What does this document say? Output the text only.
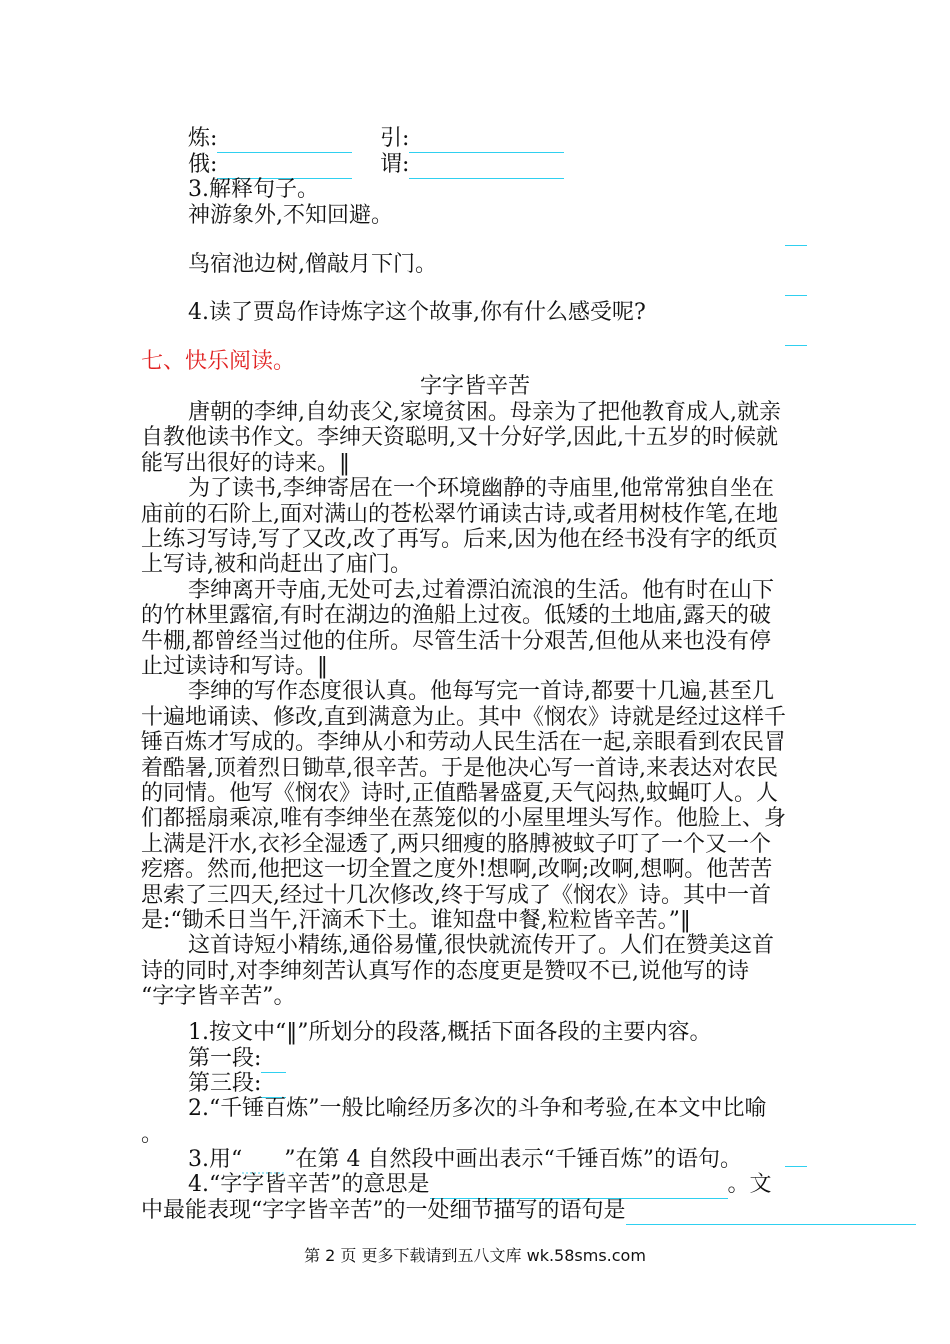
炼:	引:
俄:	谓:
3.解释句子。
神游象外,不知回避。
鸟宿池边树,僧敲月下门。
4.读了贾岛作诗炼字这个故事,你有什么感受呢?
七、快乐阅读。
字字皆辛苦
唐朝的李绅,自幼丧父,家境贫困。母亲为了把他教育成人,就亲
自教他读书作文。李绅天资聪明,又十分好学,因此,十五岁的时候就
能写出很好的诗来。‖
为了读书,李绅寄居在一个环境幽静的寺庙里,他常常独自坐在
庙前的石阶上,面对满山的苍松翠竹诵读古诗,或者用树枝作笔,在地
上练习写诗,写了又改,改了再写。后来,因为他在经书没有字的纸页
上写诗,被和尚赶出了庙门。
李绅离开寺庙,无处可去,过着漂泊流浪的生活。他有时在山下
的竹林里露宿,有时在湖边的渔船上过夜。低矮的土地庙,露天的破
牛棚,都曾经当过他的住所。尽管生活十分艰苦,但他从来也没有停
止过读诗和写诗。‖
李绅的写作态度很认真。他每写完一首诗,都要十几遍,甚至几
十遍地诵读、修改,直到满意为止。其中《悯农》诗就是经过这样千
锤百炼才写成的。李绅从小和劳动人民生活在一起,亲眼看到农民冒
着酷暑,顶着烈日锄草,很辛苦。于是他决心写一首诗,来表达对农民
的同情。他写《悯农》诗时,正值酷暑盛夏,天气闷热,蚊蝇叮人。人
们都摇扇乘凉,唯有李绅坐在蒸笼似的小屋里埋头写作。他脸上、身
上满是汗水,衣衫全湿透了,两只细瘦的胳膊被蚊子叮了一个又一个
疙瘩。然而,他把这一切全置之度外!想啊,改啊;改啊,想啊。他苦苦
思索了三四天,经过十几次修改,终于写成了《悯农》诗。其中一首
是:“锄禾日当午,汗滴禾下土。谁知盘中餐,粒粒皆辛苦。”‖
这首诗短小精练,通俗易懂,很快就流传开了。人们在赞美这首
诗的同时,对李绅刻苦认真写作的态度更是赞叹不已,说他写的诗
“字字皆辛苦”。
1.按文中“‖”所划分的段落,概括下面各段的主要内容。
第一段:
第三段:
2.“千锤百炼”一般比喻经历多次的斗争和考验,在本文中比喻
。
3.用“ ”在第 4 自然段中画出表示“千锤百炼”的语句。
4.“字字皆辛苦”的意思是	。文
中最能表现“字字皆辛苦”的一处细节描写的语句是
第 2 页 更多下载请到五八文库 wk.58sms.com
